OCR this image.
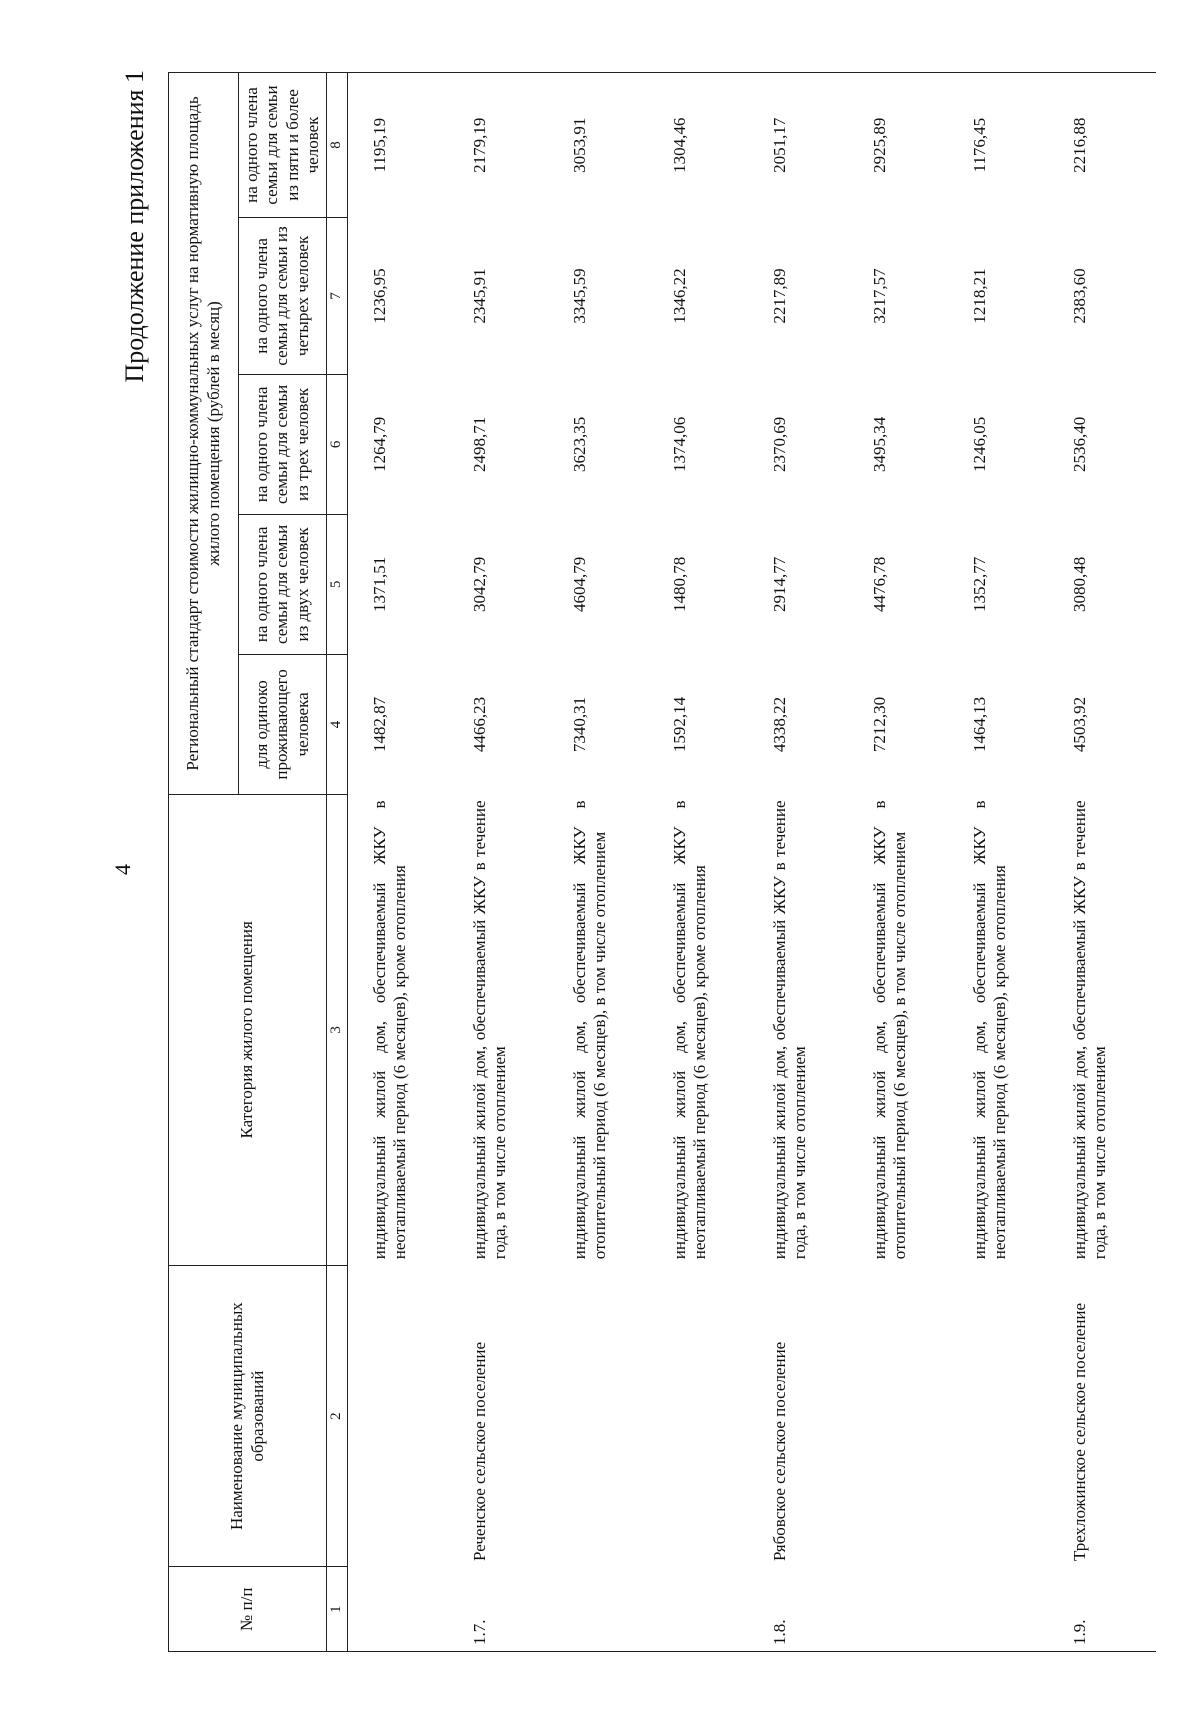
4
Продолжение приложения 1
№ п/п	Наименование муниципальных образований	Категория жилого помещения	Региональный стандарт стоимости жилищно-коммунальных услуг на нормативную площадь жилого помещения (рублей в месяц)				
			для одиноко проживающего человека	на одного члена семьи для семьи из двух человек	на одного члена семьи для семьи из трех человек	на одного члена семьи для семьи из четырех человек	на одного члена семьи для семьи из пяти и более человек
1	2	3	4	5	6	7	8

		индивидуальный жилой дом, обеспечиваемый ЖКУ в неотапливаемый период (6 месяцев), кроме отопления	1482,87	1371,51	1264,79	1236,95	1195,19
1.7.	Реченское сельское поселение	индивидуальный жилой дом, обеспечиваемый ЖКУ в течение года, в том числе отоплением	4466,23	3042,79	2498,71	2345,91	2179,19
		индивидуальный жилой дом, обеспечиваемый ЖКУ в отопительный период (6 месяцев), в том числе отоплением	7340,31	4604,79	3623,35	3345,59	3053,91
		индивидуальный жилой дом, обеспечиваемый ЖКУ в неотапливаемый период (6 месяцев), кроме отопления	1592,14	1480,78	1374,06	1346,22	1304,46
1.8.	Рябовское сельское поселение	индивидуальный жилой дом, обеспечиваемый ЖКУ в течение года, в том числе отоплением	4338,22	2914,77	2370,69	2217,89	2051,17
		индивидуальный жилой дом, обеспечиваемый ЖКУ в отопительный период (6 месяцев), в том числе отоплением	7212,30	4476,78	3495,34	3217,57	2925,89
		индивидуальный жилой дом, обеспечиваемый ЖКУ в неотапливаемый период (6 месяцев), кроме отопления	1464,13	1352,77	1246,05	1218,21	1176,45
1.9.	Трехложинское сельское поселение	индивидуальный жилой дом, обеспечиваемый ЖКУ в течение года, в том числе отоплением	4503,92	3080,48	2536,40	2383,60	2216,88
